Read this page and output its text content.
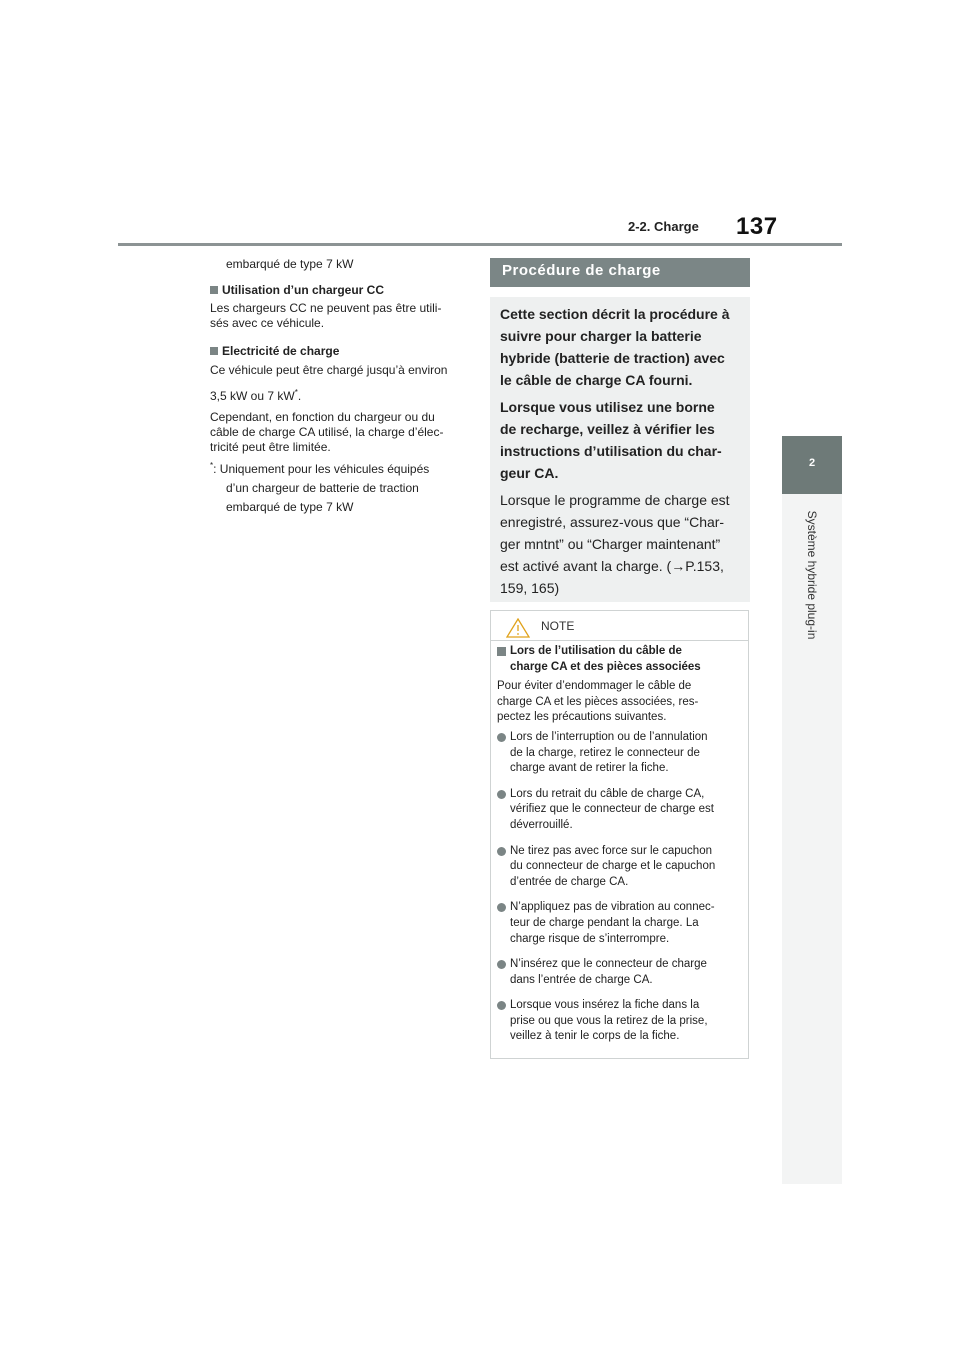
2-2. Charge 137
2
Système hybride plug-in
embarqué de type 7 kW

Utilisation d’un chargeur CC

Les chargeurs CC ne peuvent pas être utili-

sés avec ce véhicule.

Electricité de charge

Ce véhicule peut être chargé jusqu’à environ

3,5 kW ou 7 kW*.

Cependant, en fonction du chargeur ou du

câble de charge CA utilisé, la charge d’élec-

tricité peut être limitée.

*: Uniquement pour les véhicules équipés

d’un chargeur de batterie de traction

embarqué de type 7 kW

Procédure de charge
Cette section décrit la procédure à
suivre pour charger la batterie
hybride (batterie de traction) avec
le câble de charge CA fourni.
Lorsque vous utilisez une borne
de recharge, veillez à vérifier les
instructions d’utilisation du char-
geur CA.
Lorsque le programme de charge est
enregistré, assurez-vous que “Char-
ger mntnt” ou “Charger maintenant”
est activé avant la charge. (→P.153,
159, 165)
NOTE

Lors de l’utilisation du câble de
charge CA et des pièces associées

Pour éviter d’endommager le câble de
charge CA et les pièces associées, res-
pectez les précautions suivantes.

Lors de l’interruption ou de l’annulation
de la charge, retirez le connecteur de
charge avant de retirer la fiche.

Lors du retrait du câble de charge CA,
vérifiez que le connecteur de charge est
déverrouillé.

Ne tirez pas avec force sur le capuchon
du connecteur de charge et le capuchon
d’entrée de charge CA.

N’appliquez pas de vibration au connec-
teur de charge pendant la charge. La
charge risque de s’interrompre.

N’insérez que le connecteur de charge
dans l’entrée de charge CA.

Lorsque vous insérez la fiche dans la
prise ou que vous la retirez de la prise,
veillez à tenir le corps de la fiche.
